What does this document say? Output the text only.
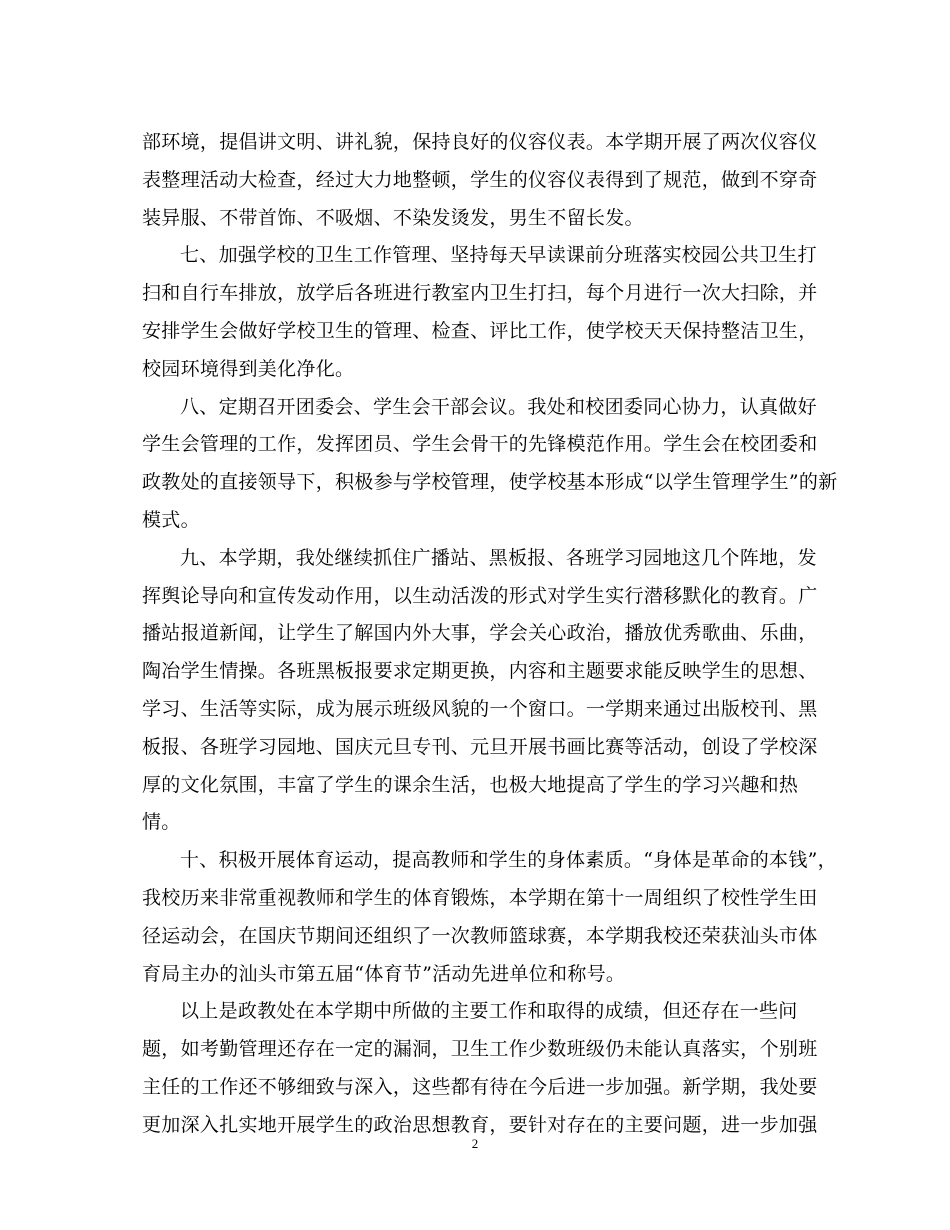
部环境，提倡讲文明、讲礼貌，保持良好的仪容仪表。本学期开展了两次仪容仪
表整理活动大检查，经过大力地整顿，学生的仪容仪表得到了规范，做到不穿奇
装异服、不带首饰、不吸烟、不染发烫发，男生不留长发。
七、加强学校的卫生工作管理、坚持每天早读课前分班落实校园公共卫生打
扫和自行车排放，放学后各班进行教室内卫生打扫，每个月进行一次大扫除，并
安排学生会做好学校卫生的管理、检查、评比工作，使学校天天保持整洁卫生，
校园环境得到美化净化。
八、定期召开团委会、学生会干部会议。我处和校团委同心协力，认真做好
学生会管理的工作，发挥团员、学生会骨干的先锋模范作用。学生会在校团委和
政教处的直接领导下，积极参与学校管理，使学校基本形成“以学生管理学生”的新
模式。
九、本学期，我处继续抓住广播站、黑板报、各班学习园地这几个阵地，发
挥舆论导向和宣传发动作用，以生动活泼的形式对学生实行潜移默化的教育。广
播站报道新闻，让学生了解国内外大事，学会关心政治，播放优秀歌曲、乐曲，
陶冶学生情操。各班黑板报要求定期更换，内容和主题要求能反映学生的思想、
学习、生活等实际，成为展示班级风貌的一个窗口。一学期来通过出版校刊、黑
板报、各班学习园地、国庆元旦专刊、元旦开展书画比赛等活动，创设了学校深
厚的文化氛围，丰富了学生的课余生活，也极大地提高了学生的学习兴趣和热
情。
十、积极开展体育运动，提高教师和学生的身体素质。“身体是革命的本钱”，
我校历来非常重视教师和学生的体育锻炼，本学期在第十一周组织了校性学生田
径运动会，在国庆节期间还组织了一次教师篮球赛，本学期我校还荣获汕头市体
育局主办的汕头市第五届“体育节”活动先进单位和称号。
以上是政教处在本学期中所做的主要工作和取得的成绩，但还存在一些问
题，如考勤管理还存在一定的漏洞，卫生工作少数班级仍未能认真落实，个别班
主任的工作还不够细致与深入，这些都有待在今后进一步加强。新学期，我处要
更加深入扎实地开展学生的政治思想教育，要针对存在的主要问题，进一步加强
2
